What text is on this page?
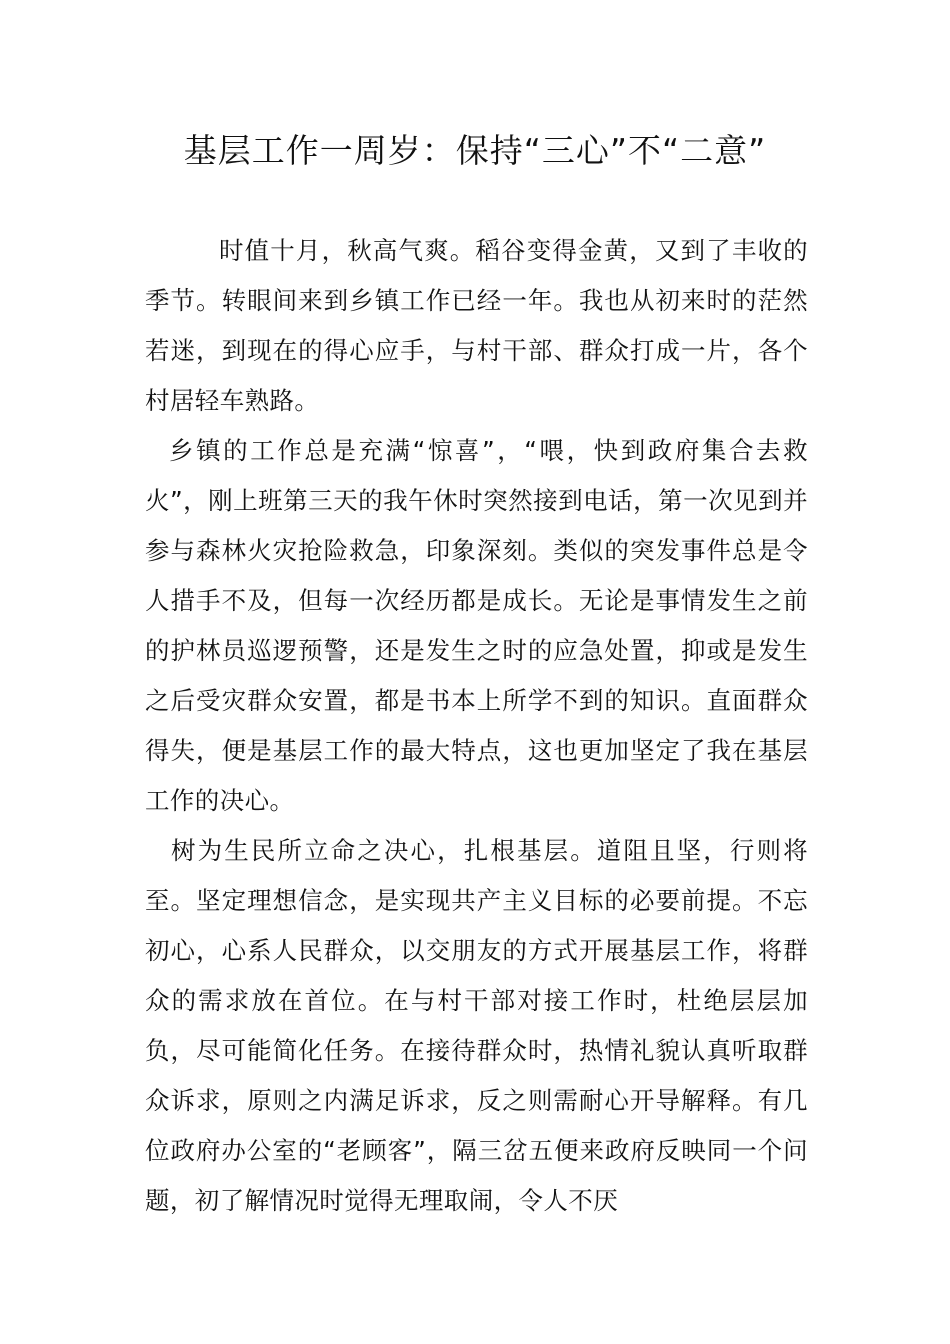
基层工作一周岁：保持“三心”不“二意”

时值十月，秋高气爽。稻谷变得金黄，又到了丰收的季节。转眼间来到乡镇工作已经一年。我也从初来时的茫然若迷，到现在的得心应手，与村干部、群众打成一片，各个村居轻车熟路。

乡镇的工作总是充满“惊喜”，“喂，快到政府集合去救火”，刚上班第三天的我午休时突然接到电话，第一次见到并参与森林火灾抢险救急，印象深刻。类似的突发事件总是令人措手不及，但每一次经历都是成长。无论是事情发生之前的护林员巡逻预警，还是发生之时的应急处置，抑或是发生之后受灾群众安置，都是书本上所学不到的知识。直面群众得失，便是基层工作的最大特点，这也更加坚定了我在基层工作的决心。

树为生民所立命之决心，扎根基层。道阻且坚，行则将至。坚定理想信念，是实现共产主义目标的必要前提。不忘初心，心系人民群众，以交朋友的方式开展基层工作，将群众的需求放在首位。在与村干部对接工作时，杜绝层层加负，尽可能简化任务。在接待群众时，热情礼貌认真听取群众诉求，原则之内满足诉求，反之则需耐心开导解释。有几位政府办公室的“老顾客”，隔三岔五便来政府反映同一个问题，初了解情况时觉得无理取闹，令人不厌
